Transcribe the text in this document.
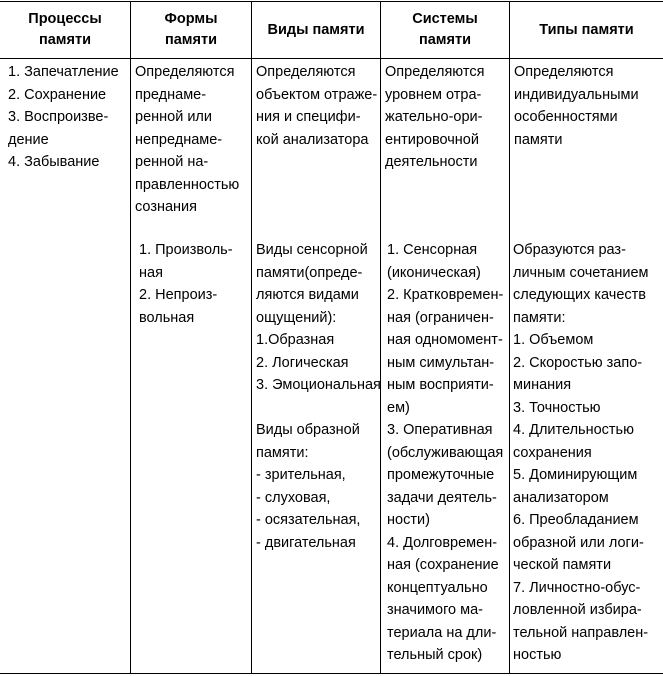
Процессы
памяти
Формы
памяти
Виды памяти
Системы
памяти
Типы памяти
1. Запечатление
2. Сохранение
3. Воспроизве-
дение
4. Забывание
Определяются
преднаме-
ренной или
непреднаме-
ренной на-
правленностью
сознания
Определяются
объектом отраже-
ния и специфи-
кой анализатора
Определяются
уровнем отра-
жательно-ори-
ентировочной
деятельности
Определяются
индивидуальными
особенностями
памяти
1. Произволь-
ная
2. Непроиз-
вольная
Виды сенсорной
памяти(опреде-
ляются видами
ощущений):
1.Образная
2. Логическая
3. Эмоциональная

Виды образной
памяти:
- зрительная,
- слуховая,
- осязательная,
- двигательная
1. Сенсорная
(иконическая)
2. Кратковремен-
ная (ограничен-
ная одномомент-
ным симультан-
ным восприяти-
ем)
3. Оперативная
(обслуживающая
промежуточные
задачи деятель-
ности)
4. Долговремен-
ная (сохранение
концептуально
значимого ма-
териала на дли-
тельный срок)
Образуются раз-
личным сочетанием
следующих качеств
памяти:
1. Объемом
2. Скоростью запо-
минания
3. Точностью
4. Длительностью
сохранения
5. Доминирующим
анализатором
6. Преобладанием
образной или логи-
ческой памяти
7. Личностно-обус-
ловленной избира-
тельной направлен-
ностью
